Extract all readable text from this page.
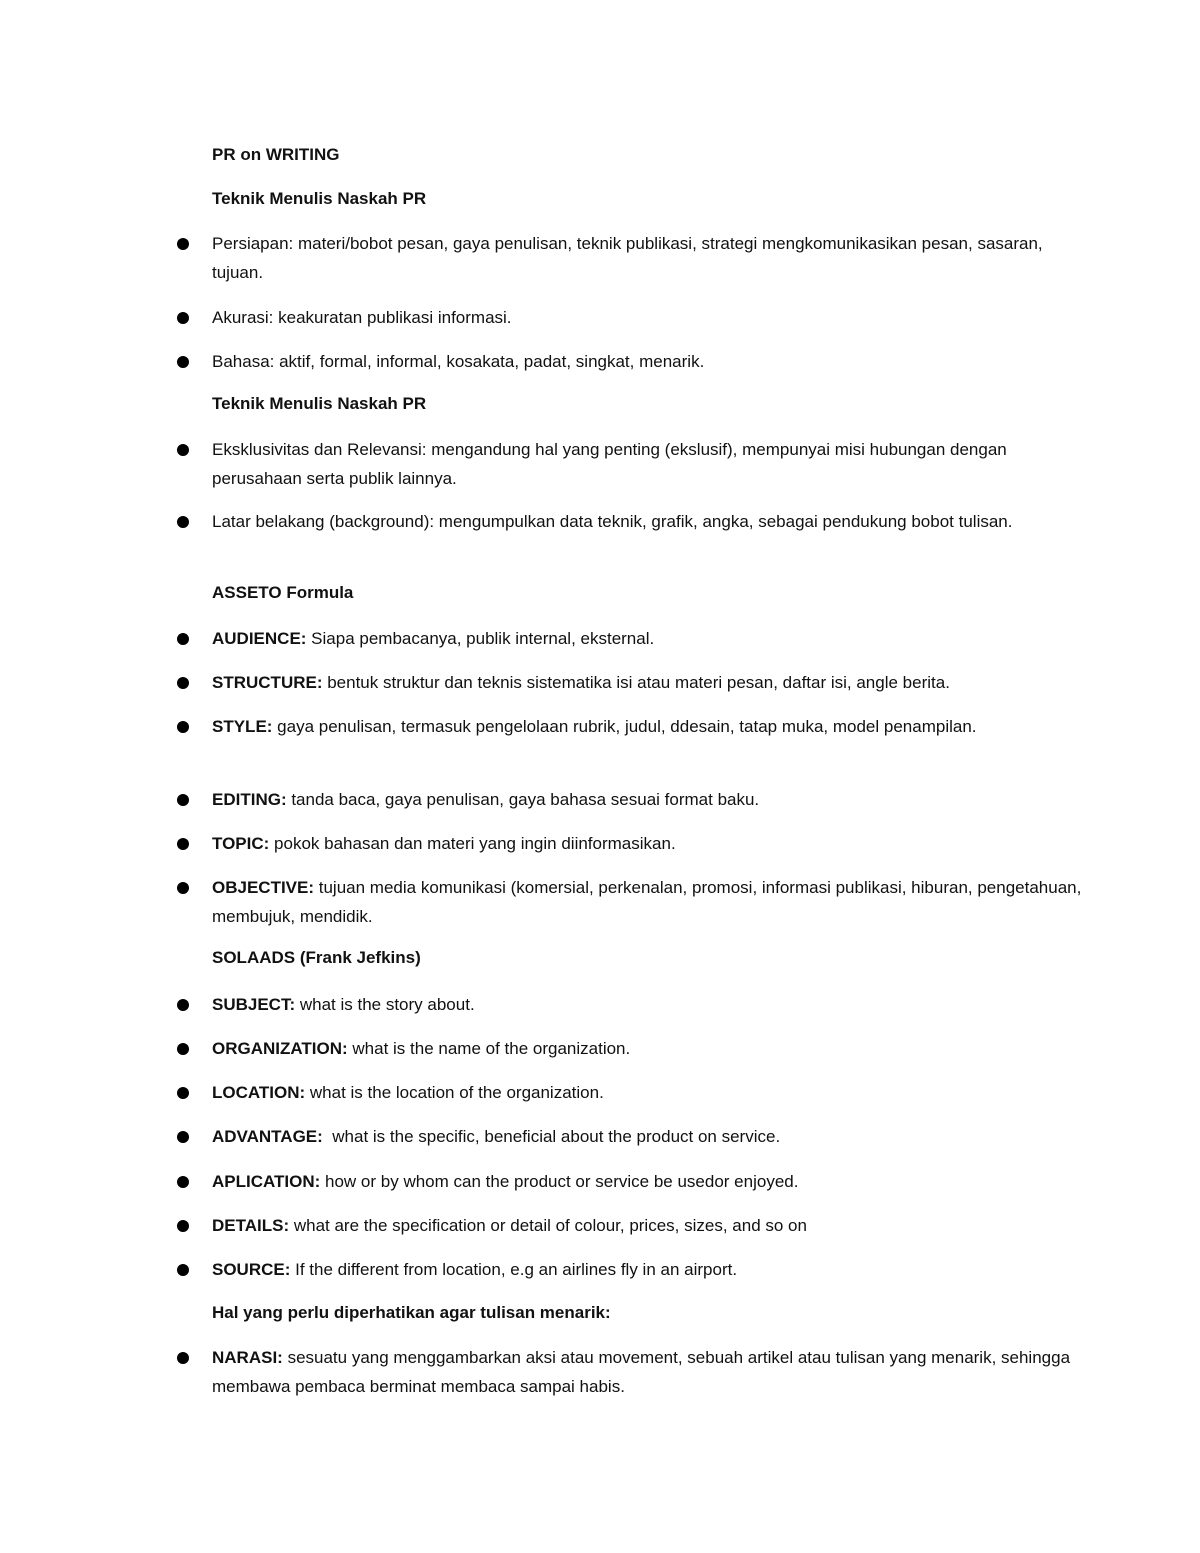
PR on WRITING
Teknik Menulis Naskah PR
Persiapan: materi/bobot pesan, gaya penulisan, teknik publikasi, strategi mengkomunikasikan pesan, sasaran, tujuan.
Akurasi: keakuratan publikasi informasi.
Bahasa: aktif, formal, informal, kosakata, padat, singkat, menarik.
Teknik Menulis Naskah PR
Eksklusivitas dan Relevansi: mengandung hal yang penting (ekslusif), mempunyai misi hubungan dengan perusahaan serta publik lainnya.
Latar belakang (background): mengumpulkan data teknik, grafik, angka, sebagai pendukung bobot tulisan.
ASSETO Formula
AUDIENCE: Siapa pembacanya, publik internal, eksternal.
STRUCTURE: bentuk struktur dan teknis sistematika isi atau materi pesan, daftar isi, angle berita.
STYLE: gaya penulisan, termasuk pengelolaan rubrik, judul, ddesain, tatap muka, model penampilan.
EDITING: tanda baca, gaya penulisan, gaya bahasa sesuai format baku.
TOPIC: pokok bahasan dan materi yang ingin diinformasikan.
OBJECTIVE: tujuan media komunikasi (komersial, perkenalan, promosi, informasi publikasi, hiburan, pengetahuan, membujuk, mendidik.
SOLAADS (Frank Jefkins)
SUBJECT: what is the story about.
ORGANIZATION: what is the name of the organization.
LOCATION: what is the location of the organization.
ADVANTAGE:  what is the specific, beneficial about the product on service.
APLICATION: how or by whom can the product or service be usedor enjoyed.
DETAILS: what are the specification or detail of colour, prices, sizes, and so on
SOURCE: If the different from location, e.g an airlines fly in an airport.
Hal yang perlu diperhatikan agar tulisan menarik:
NARASI: sesuatu yang menggambarkan aksi atau movement, sebuah artikel atau tulisan yang menarik, sehingga membawa pembaca berminat membaca sampai habis.
